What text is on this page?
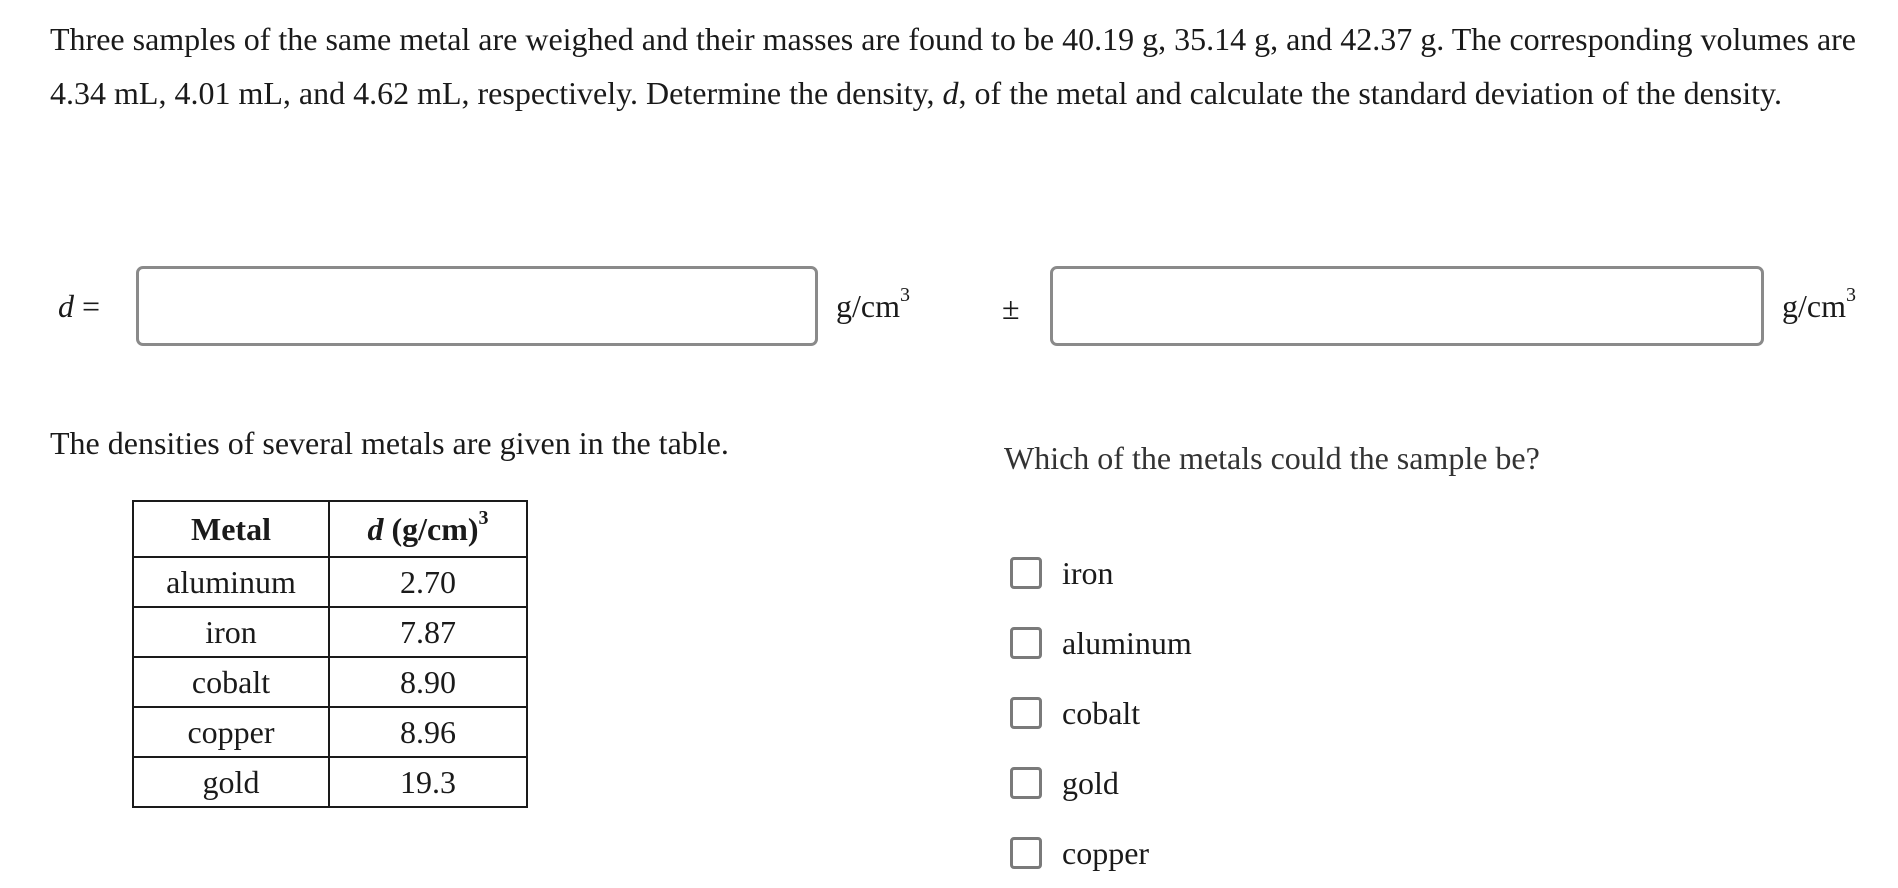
Three samples of the same metal are weighed and their masses are found to be 40.19 g, 35.14 g, and 42.37 g. The corresponding volumes are 4.34 mL, 4.01 mL, and 4.62 mL, respectively. Determine the density, d, of the metal and calculate the standard deviation of the density.

d =	$g/cm^3$	±	$g/cm^3$

The densities of several metals are given in the table.

Metal	d $(g/cm)^3$
aluminum	2.70
iron	7.87
cobalt	8.90
copper	8.96
gold	19.3

Which of the metals could the sample be?

iron
aluminum
cobalt
gold
copper
